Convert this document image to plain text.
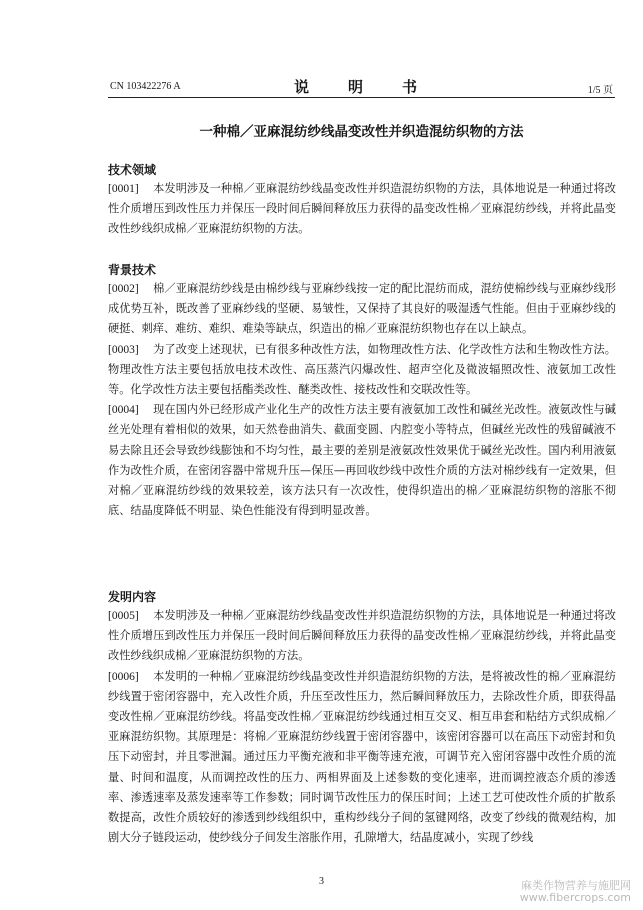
CN 103422276 A	说　明　书	1/5 页
一种棉／亚麻混纺纱线晶变改性并织造混纺织物的方法
技术领域
[0001] 本发明涉及一种棉／亚麻混纺纱线晶变改性并织造混纺织物的方法，具体地说是一种通过将改性介质增压到改性压力并保压一段时间后瞬间释放压力获得的晶变改性棉／亚麻混纺纱线，并将此晶变改性纱线织成棉／亚麻混纺织物的方法。
背景技术
[0002] 棉／亚麻混纺纱线是由棉纱线与亚麻纱线按一定的配比混纺而成，混纺使棉纱线与亚麻纱线形成优势互补，既改善了亚麻纱线的坚硬、易皱性，又保持了其良好的吸湿透气性能。但由于亚麻纱线的硬挺、刺痒、难纺、难织、难染等缺点，织造出的棉／亚麻混纺织物也存在以上缺点。
[0003] 为了改变上述现状，已有很多种改性方法，如物理改性方法、化学改性方法和生物改性方法。物理改性方法主要包括放电技术改性、高压蒸汽闪爆改性、超声空化及微波辐照改性、液氨加工改性等。化学改性方法主要包括酯类改性、醚类改性、接枝改性和交联改性等。
[0004] 现在国内外已经形成产业化生产的改性方法主要有液氨加工改性和碱丝光改性。液氨改性与碱丝光处理有着相似的效果，如天然卷曲消失、截面变圆、内腔变小等特点，但碱丝光改性的残留碱液不易去除且还会导致纱线膨蚀和不均匀性，最主要的差别是液氨改性效果优于碱丝光改性。国内利用液氨作为改性介质，在密闭容器中常规升压—保压—再回收纱线中改性介质的方法对棉纱线有一定效果，但对棉／亚麻混纺纱线的效果较差，该方法只有一次改性，使得织造出的棉／亚麻混纺织物的溶胀不彻底、结晶度降低不明显、染色性能没有得到明显改善。
发明内容
[0005] 本发明涉及一种棉／亚麻混纺纱线晶变改性并织造混纺织物的方法，具体地说是一种通过将改性介质增压到改性压力并保压一段时间后瞬间释放压力获得的晶变改性棉／亚麻混纺纱线，并将此晶变改性纱线织成棉／亚麻混纺织物的方法。
[0006] 本发明的一种棉／亚麻混纺纱线晶变改性并织造混纺织物的方法，是将被改性的棉／亚麻混纺纱线置于密闭容器中，充入改性介质，升压至改性压力，然后瞬间释放压力，去除改性介质，即获得晶变改性棉／亚麻混纺纱线。将晶变改性棉／亚麻混纺纱线通过相互交叉、相互串套和粘结方式织成棉／亚麻混纺织物。其原理是：将棉／亚麻混纺纱线置于密闭容器中，该密闭容器可以在高压下动密封和负压下动密封，并且零泄漏。通过压力平衡充液和非平衡等速充液，可调节充入密闭容器中改性介质的流量、时间和温度，从而调控改性的压力、两相界面及上述参数的变化速率，进而调控液态介质的渗透率、渗透速率及蒸发速率等工作参数；同时调节改性压力的保压时间；上述工艺可使改性介质的扩散系数提高，改性介质较好的渗透到纱线组织中，重构纱线分子间的氢键网络，改变了纱线的微观结构，加剧大分子链段运动，使纱线分子间发生溶胀作用，孔隙增大，结晶度减小，实现了纱线
3	麻类作物营养与施肥网
www.fibercrops.com
